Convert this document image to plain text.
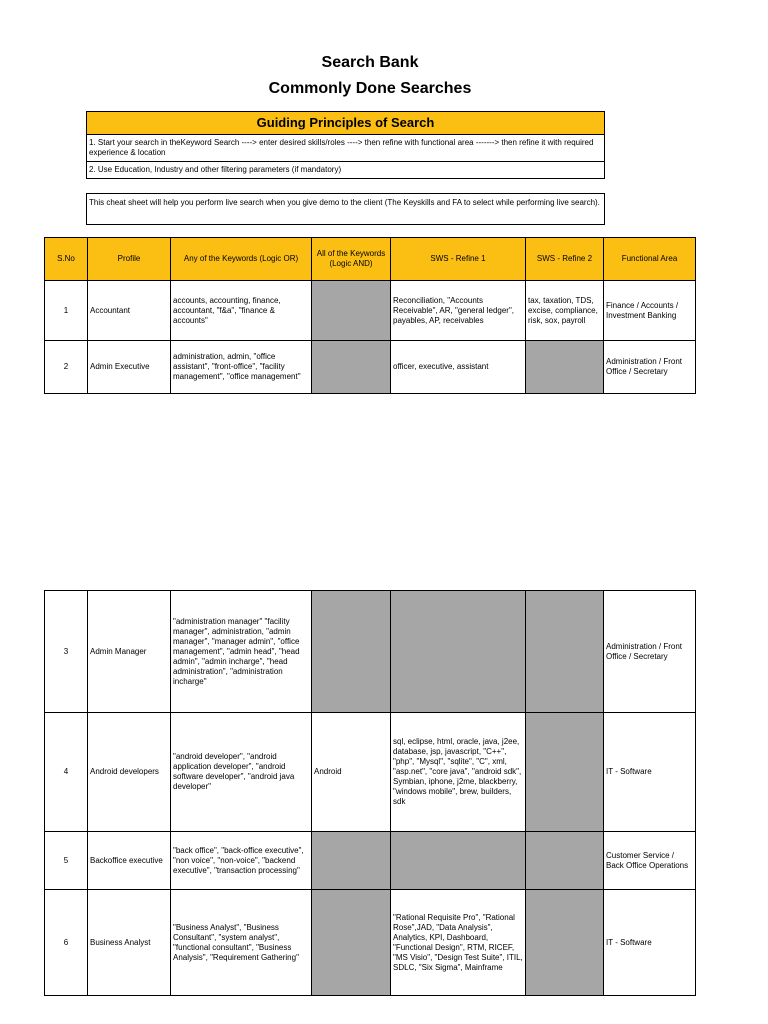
Search Bank
Commonly Done Searches
Guiding Principles of Search
1. Start your search in theKeyword Search ----> enter desired skills/roles ----> then refine with functional area -------> then refine it with required experience & location
2. Use Education, Industry and other filtering parameters (if mandatory)
This cheat sheet will help you perform live search when you give demo to the client (The Keyskills and FA to select while performing live search).
S.No	Profile	Any of the Keywords (Logic OR)	All of the Keywords (Logic AND)	SWS - Refine 1	SWS - Refine 2	Functional Area
1	Accountant	accounts, accounting, finance, accountant, "f&a", "finance & accounts"		Reconciliation, "Accounts Receivable", AR, "general ledger", payables, AP, receivables	tax, taxation, TDS, excise, compliance, risk, sox, payroll	Finance / Accounts / Investment Banking
2	Admin Executive	administration, admin, "office assistant", "front-office", "facility management", "office management"		officer, executive, assistant		Administration / Front Office / Secretary
3	Admin Manager	"administration manager" "facility manager", administration, "admin manager", "manager admin", "office management", "admin head", "head admin", "admin incharge", "head administration", "administration incharge"				Administration / Front Office / Secretary
4	Android developers	"android developer", "android application developer", "android software developer", "android java developer"	Android	sql, eclipse, html, oracle, java, j2ee, database, jsp, javascript, "C++", "php", "Mysql", "sqlite", "C", xml, "asp.net", "core java", "android sdk", Symbian, iphone, j2me, blackberry, "windows mobile", brew, builders, sdk		IT - Software
5	Backoffice executive	"back office", "back-office executive", "non voice", "non-voice", "backend executive", "transaction processing"				Customer Service / Back Office Operations
6	Business Analyst	"Business Analyst", "Business Consultant", "system analyst", "functional consultant", "Business Analysis", "Requirement Gathering"		"Rational Requisite Pro", "Rational Rose",JAD, "Data Analysis", Analytics, KPI, Dashboard, "Functional Design", RTM, RICEF, "MS Visio", "Design Test Suite", ITIL, SDLC, "Six Sigma", Mainframe		IT - Software
